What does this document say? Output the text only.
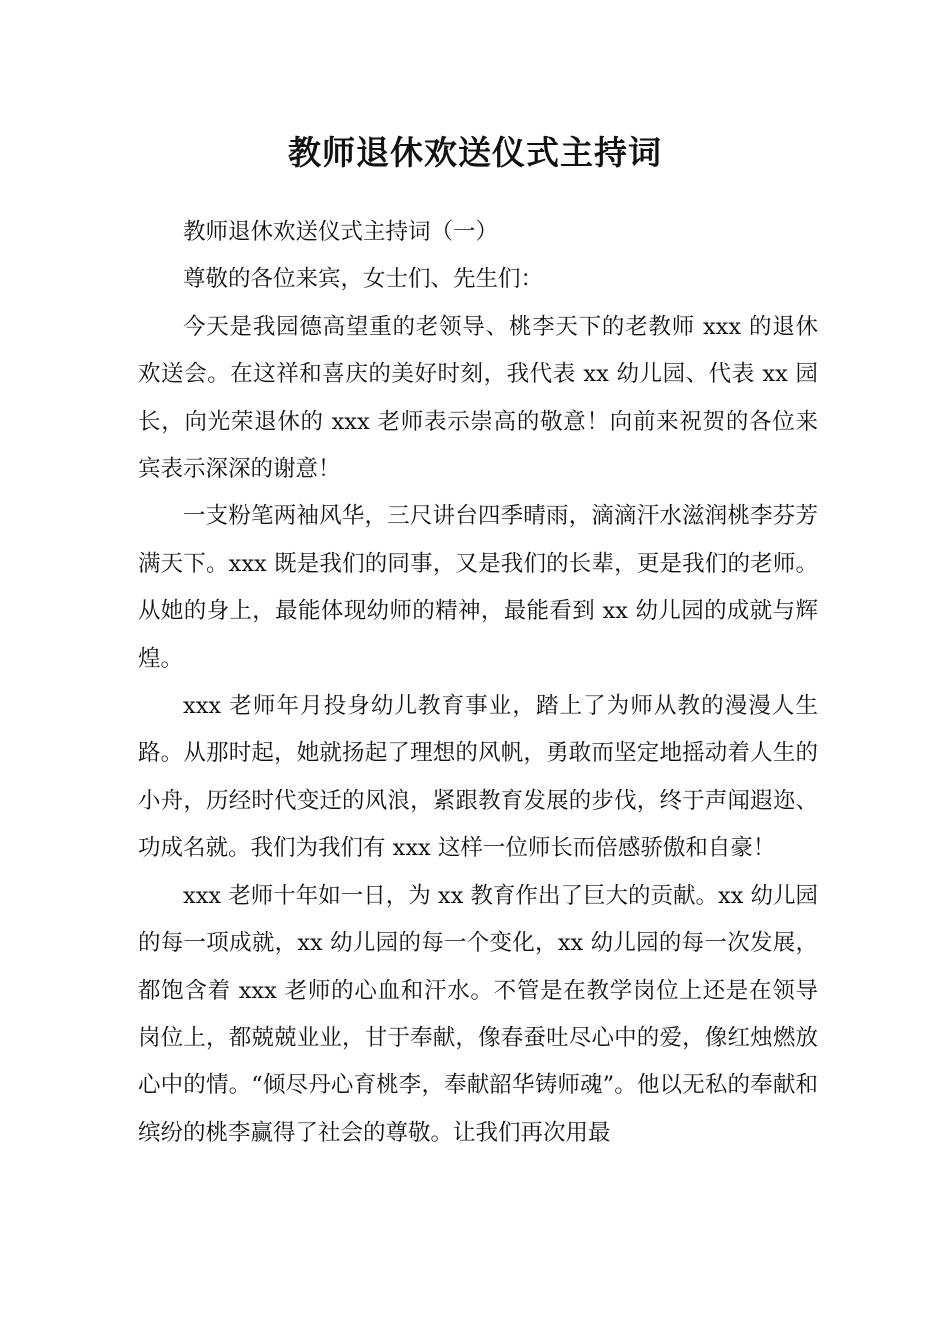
教师退休欢送仪式主持词

教师退休欢送仪式主持词（一）

尊敬的各位来宾，女士们、先生们：

今天是我园德高望重的老领导、桃李天下的老教师 xxx 的退休欢送会。在这祥和喜庆的美好时刻，我代表 xx 幼儿园、代表 xx 园长，向光荣退休的 xxx 老师表示崇高的敬意！向前来祝贺的各位来宾表示深深的谢意！

一支粉笔两袖风华，三尺讲台四季晴雨，滴滴汗水滋润桃李芬芳满天下。xxx 既是我们的同事，又是我们的长辈，更是我们的老师。从她的身上，最能体现幼师的精神，最能看到 xx 幼儿园的成就与辉煌。

xxx 老师年月投身幼儿教育事业，踏上了为师从教的漫漫人生路。从那时起，她就扬起了理想的风帆，勇敢而坚定地摇动着人生的小舟，历经时代变迁的风浪，紧跟教育发展的步伐，终于声闻遐迩、功成名就。我们为我们有 xxx 这样一位师长而倍感骄傲和自豪！

xxx 老师十年如一日，为 xx 教育作出了巨大的贡献。xx 幼儿园的每一项成就，xx 幼儿园的每一个变化，xx 幼儿园的每一次发展，都饱含着 xxx 老师的心血和汗水。不管是在教学岗位上还是在领导岗位上，都兢兢业业，甘于奉献，像春蚕吐尽心中的爱，像红烛燃放心中的情。“倾尽丹心育桃李，奉献韶华铸师魂”。他以无私的奉献和缤纷的桃李赢得了社会的尊敬。让我们再次用最
